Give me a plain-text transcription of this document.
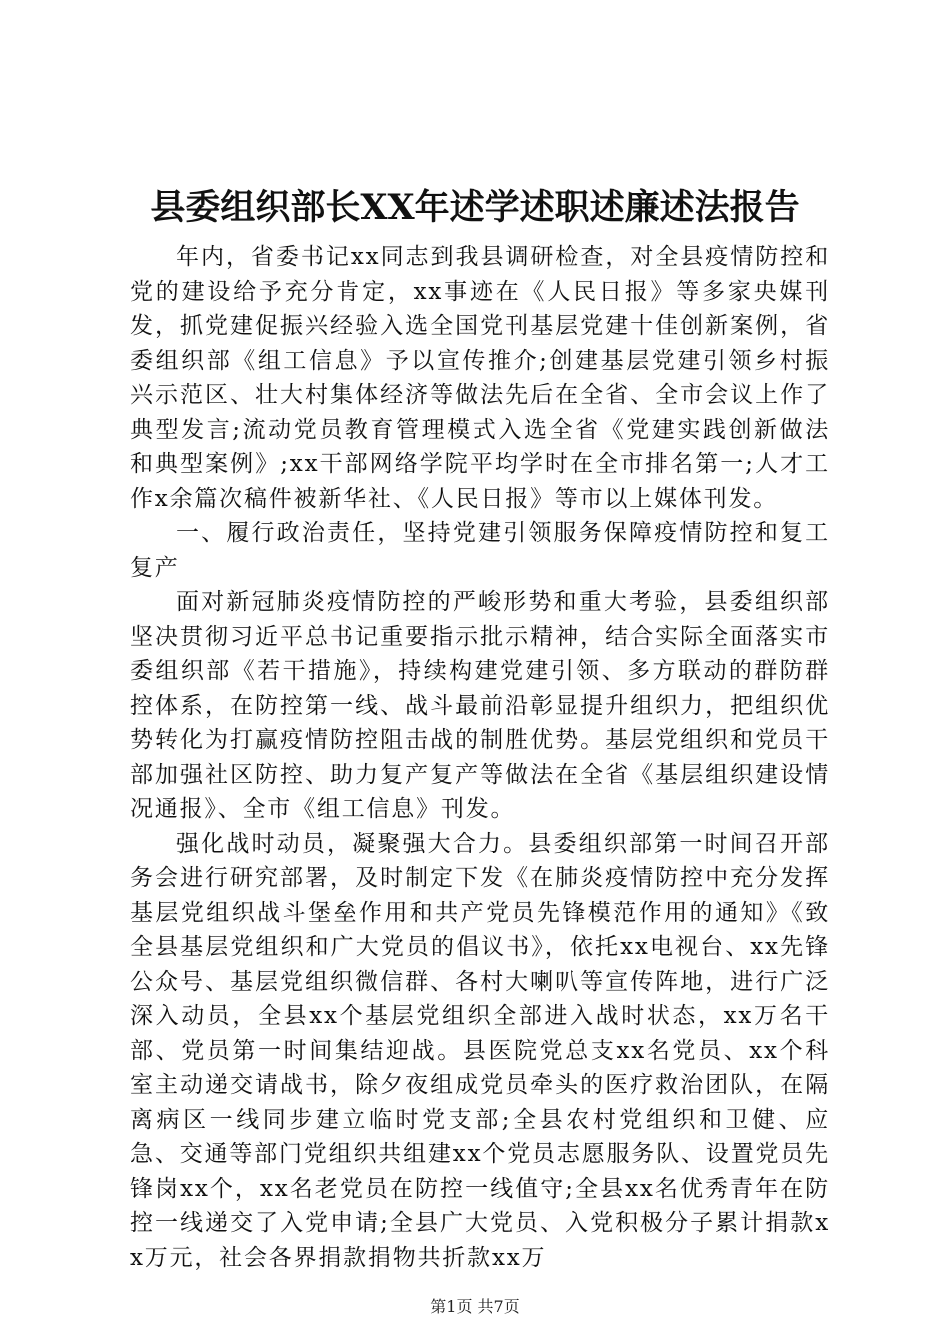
县委组织部长XX年述学述职述廉述法报告

年内，省委书记xx同志到我县调研检查，对全县疫情防控和党的建设给予充分肯定，xx事迹在《人民日报》等多家央媒刊发，抓党建促振兴经验入选全国党刊基层党建十佳创新案例，省委组织部《组工信息》予以宣传推介;创建基层党建引领乡村振兴示范区、壮大村集体经济等做法先后在全省、全市会议上作了典型发言;流动党员教育管理模式入选全省《党建实践创新做法和典型案例》;xx干部网络学院平均学时在全市排名第一;人才工作x余篇次稿件被新华社、《人民日报》等市以上媒体刊发。

一、履行政治责任，坚持党建引领服务保障疫情防控和复工复产

面对新冠肺炎疫情防控的严峻形势和重大考验，县委组织部坚决贯彻习近平总书记重要指示批示精神，结合实际全面落实市委组织部《若干措施》，持续构建党建引领、多方联动的群防群控体系，在防控第一线、战斗最前沿彰显提升组织力，把组织优势转化为打赢疫情防控阻击战的制胜优势。基层党组织和党员干部加强社区防控、助力复产复产等做法在全省《基层组织建设情况通报》、全市《组工信息》刊发。

强化战时动员，凝聚强大合力。县委组织部第一时间召开部务会进行研究部署，及时制定下发《在肺炎疫情防控中充分发挥基层党组织战斗堡垒作用和共产党员先锋模范作用的通知》《致全县基层党组织和广大党员的倡议书》，依托xx电视台、xx先锋公众号、基层党组织微信群、各村大喇叭等宣传阵地，进行广泛深入动员，全县xx个基层党组织全部进入战时状态，xx万名干部、党员第一时间集结迎战。县医院党总支xx名党员、xx个科室主动递交请战书，除夕夜组成党员牵头的医疗救治团队，在隔离病区一线同步建立临时党支部;全县农村党组织和卫健、应急、交通等部门党组织共组建xx个党员志愿服务队、设置党员先锋岗xx个，xx名老党员在防控一线值守;全县xx名优秀青年在防控一线递交了入党申请;全县广大党员、入党积极分子累计捐款xx万元，社会各界捐款捐物共折款xx万

第1页 共7页
